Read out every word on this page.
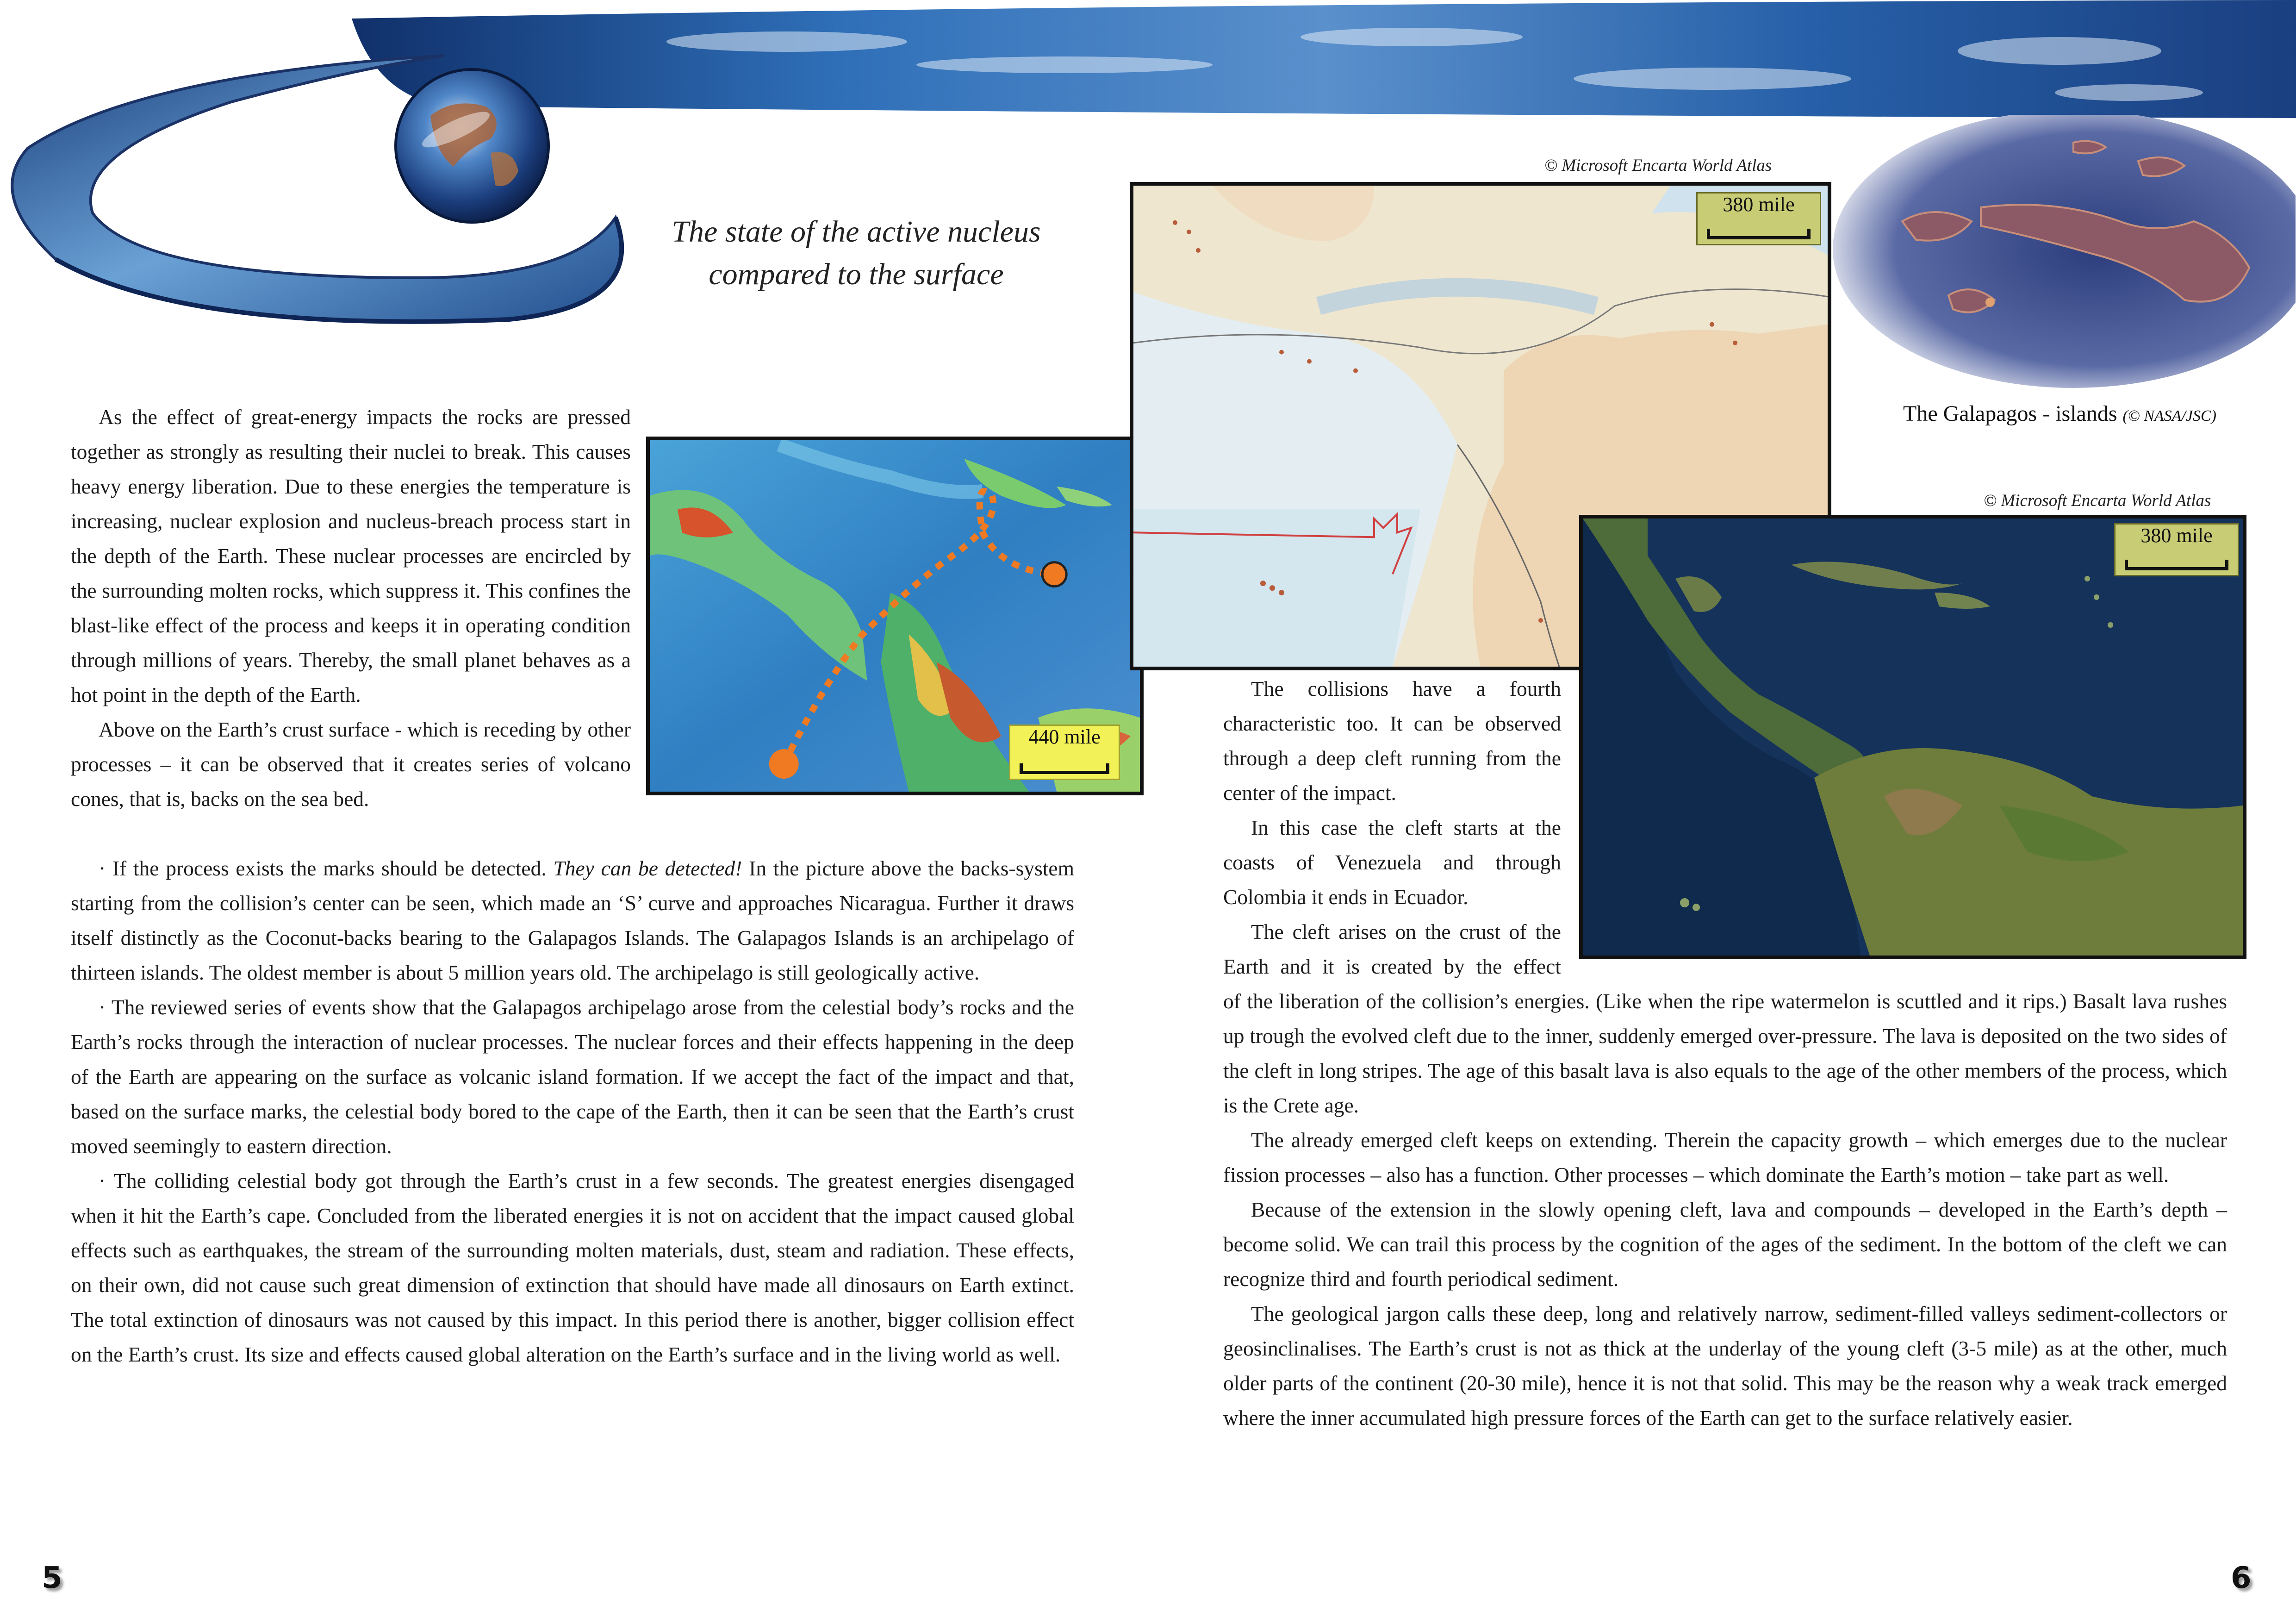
The state of the active nucleus
compared to the surface

As the effect of great-energy impacts the rocks are pressed together as strongly as resulting their nuclei to break. This causes heavy energy liberation. Due to these energies the temperature is increasing, nuclear explosion and nucleus-breach process start in the depth of the Earth. These nuclear processes are encircled by the surrounding molten rocks, which suppress it. This confines the blast-like effect of the process and keeps it in operating condition through millions of years. Thereby, the small planet behaves as a hot point in the depth of the Earth.

Above on the Earth’s crust surface - which is receding by other processes – it can be observed that it creates series of volcano cones, that is, backs on the sea bed.

· If the process exists the marks should be detected. They can be detected! In the picture above the backs-system starting from the collision’s center can be seen, which made an ‘S’ curve and approaches Nicaragua. Further it draws itself distinctly as the Coconut-backs bearing to the Galapagos Islands. The Galapagos Islands is an archipelago of thirteen islands. The oldest member is about 5 million years old. The archipelago is still geologically active.

· The reviewed series of events show that the Galapagos archipelago arose from the celestial body’s rocks and the Earth’s rocks through the interaction of nuclear processes. The nuclear forces and their effects happening in the deep of the Earth are appearing on the surface as volcanic island formation. If we accept the fact of the impact and that, based on the surface marks, the celestial body bored to the cape of the Earth, then it can be seen that the Earth’s crust moved seemingly to eastern direction.

· The colliding celestial body got through the Earth’s crust in a few seconds. The greatest energies disengaged when it hit the Earth’s cape. Concluded from the liberated energies it is not on accident that the impact caused global effects such as earthquakes, the stream of the surrounding molten materials, dust, steam and radiation. These effects, on their own, did not cause such great dimension of extinction that should have made all dinosaurs on Earth extinct. The total extinction of dinosaurs was not caused by this impact. In this period there is another, bigger collision effect on the Earth’s crust. Its size and effects caused global alteration on the Earth’s surface and in the living world as well.

440 mile
© Microsoft Encarta World Atlas
380 mile
The Galapagos - islands (© NASA/JSC)
© Microsoft Encarta World Atlas
380 mile

The collisions have a fourth characteristic too. It can be observed through a deep cleft running from the center of the impact.

In this case the cleft starts at the coasts of Venezuela and through Colombia it ends in Ecuador.

The cleft arises on the crust of the Earth and it is created by the effect

of the liberation of the collision’s energies. (Like when the ripe watermelon is scuttled and it rips.) Basalt lava rushes up trough the evolved cleft due to the inner, suddenly emerged over-pressure. The lava is deposited on the two sides of the cleft in long stripes. The age of this basalt lava is also equals to the age of the other members of the process, which is the Crete age.

The already emerged cleft keeps on extending. Therein the capacity growth – which emerges due to the nuclear fission processes – also has a function. Other processes – which dominate the Earth’s motion – take part as well.

Because of the extension in the slowly opening cleft, lava and compounds – developed in the Earth’s depth – become solid. We can trail this process by the cognition of the ages of the sediment. In the bottom of the cleft we can recognize third and fourth periodical sediment.

The geological jargon calls these deep, long and relatively narrow, sediment-filled valleys sediment-collectors or geosinclinalises. The Earth’s crust is not as thick at the underlay of the young cleft (3-5 mile) as at the other, much older parts of the continent (20-30 mile), hence it is not that solid. This may be the reason why a weak track emerged where the inner accumulated high pressure forces of the Earth can get to the surface relatively easier.

5	6
